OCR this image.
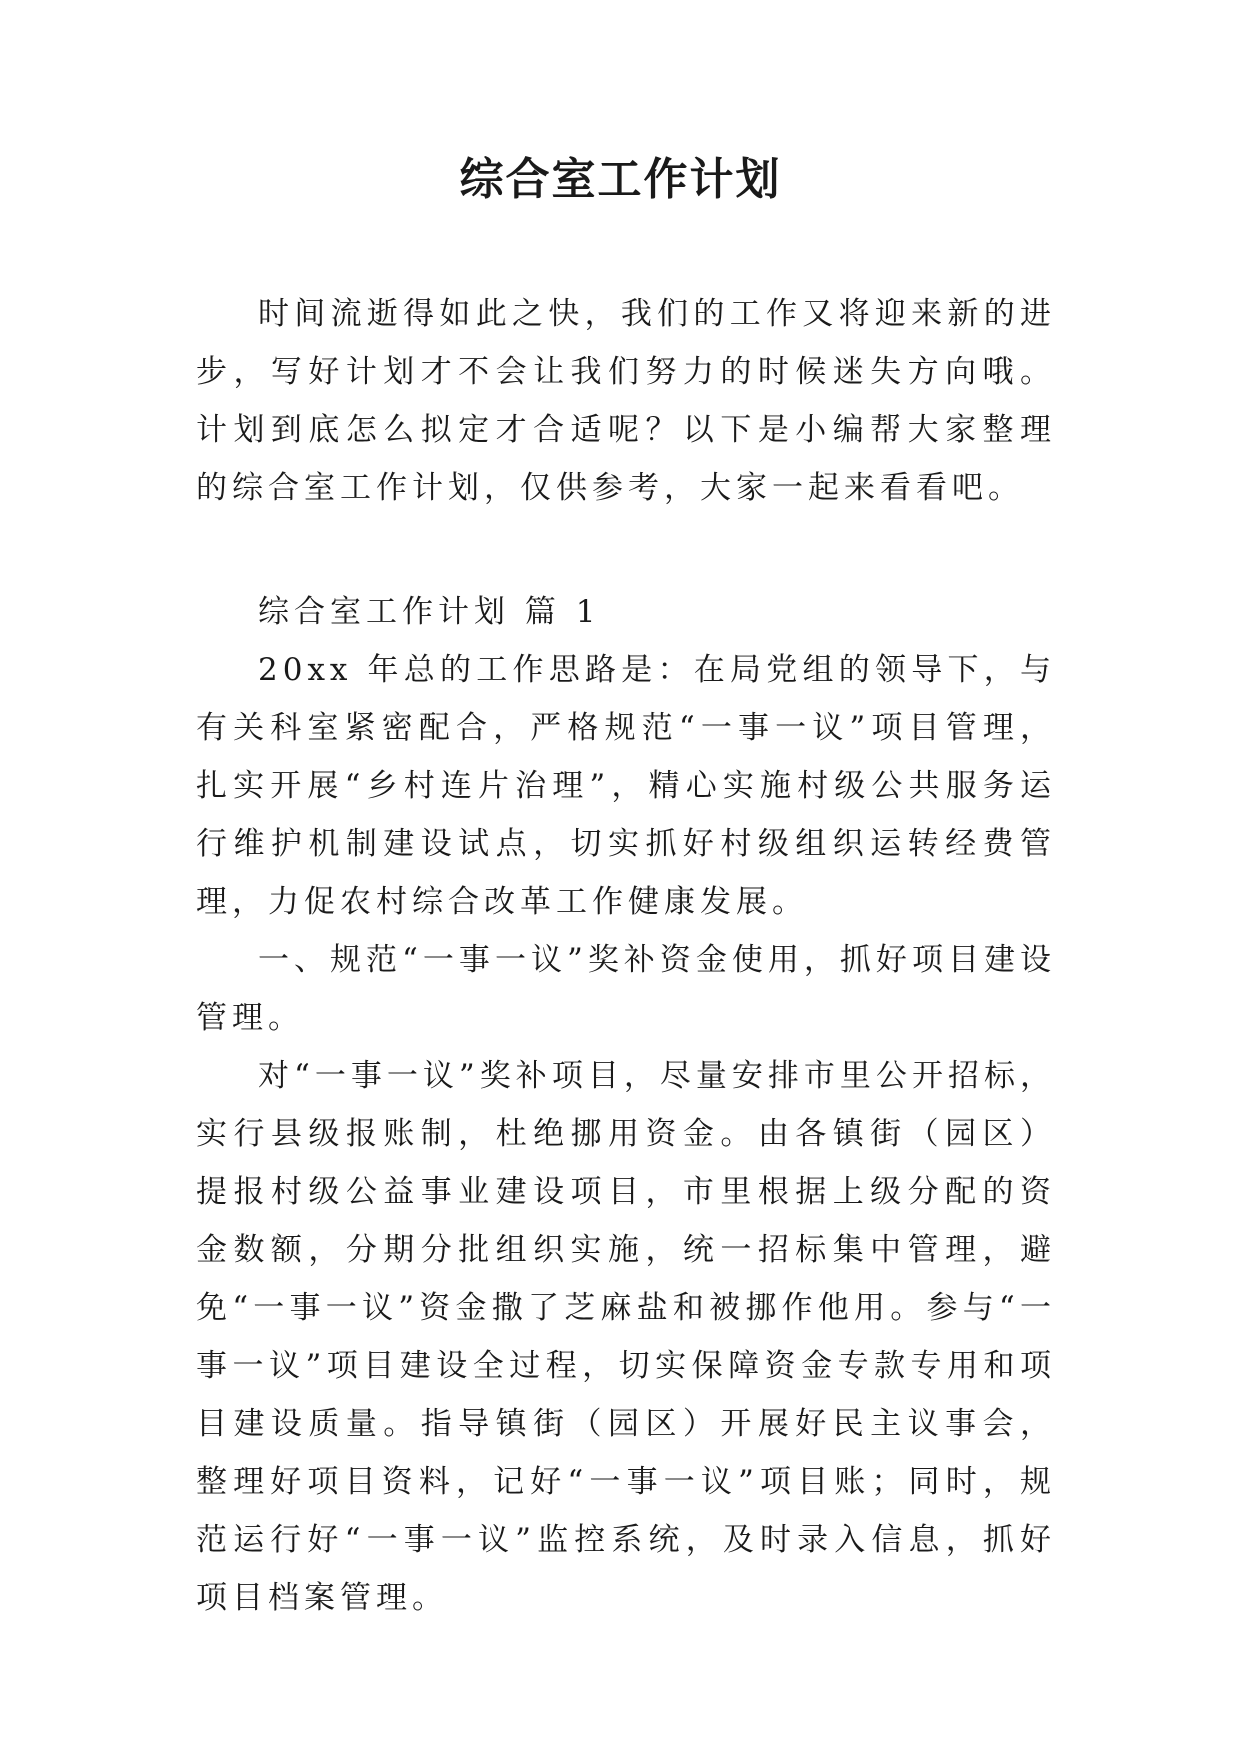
综合室工作计划

时间流逝得如此之快，我们的工作又将迎来新的进步，写好计划才不会让我们努力的时候迷失方向哦。计划到底怎么拟定才合适呢？以下是小编帮大家整理的综合室工作计划，仅供参考，大家一起来看看吧。

综合室工作计划 篇 1

20xx 年总的工作思路是：在局党组的领导下，与有关科室紧密配合，严格规范“一事一议”项目管理，扎实开展“乡村连片治理”，精心实施村级公共服务运行维护机制建设试点，切实抓好村级组织运转经费管理，力促农村综合改革工作健康发展。

一、规范“一事一议”奖补资金使用，抓好项目建设管理。

对“一事一议”奖补项目，尽量安排市里公开招标，实行县级报账制，杜绝挪用资金。由各镇街（园区）提报村级公益事业建设项目，市里根据上级分配的资金数额，分期分批组织实施，统一招标集中管理，避免“一事一议”资金撒了芝麻盐和被挪作他用。参与“一事一议”项目建设全过程，切实保障资金专款专用和项目建设质量。指导镇街（园区）开展好民主议事会，整理好项目资料，记好“一事一议”项目账；同时，规范运行好“一事一议”监控系统，及时录入信息，抓好项目档案管理。
